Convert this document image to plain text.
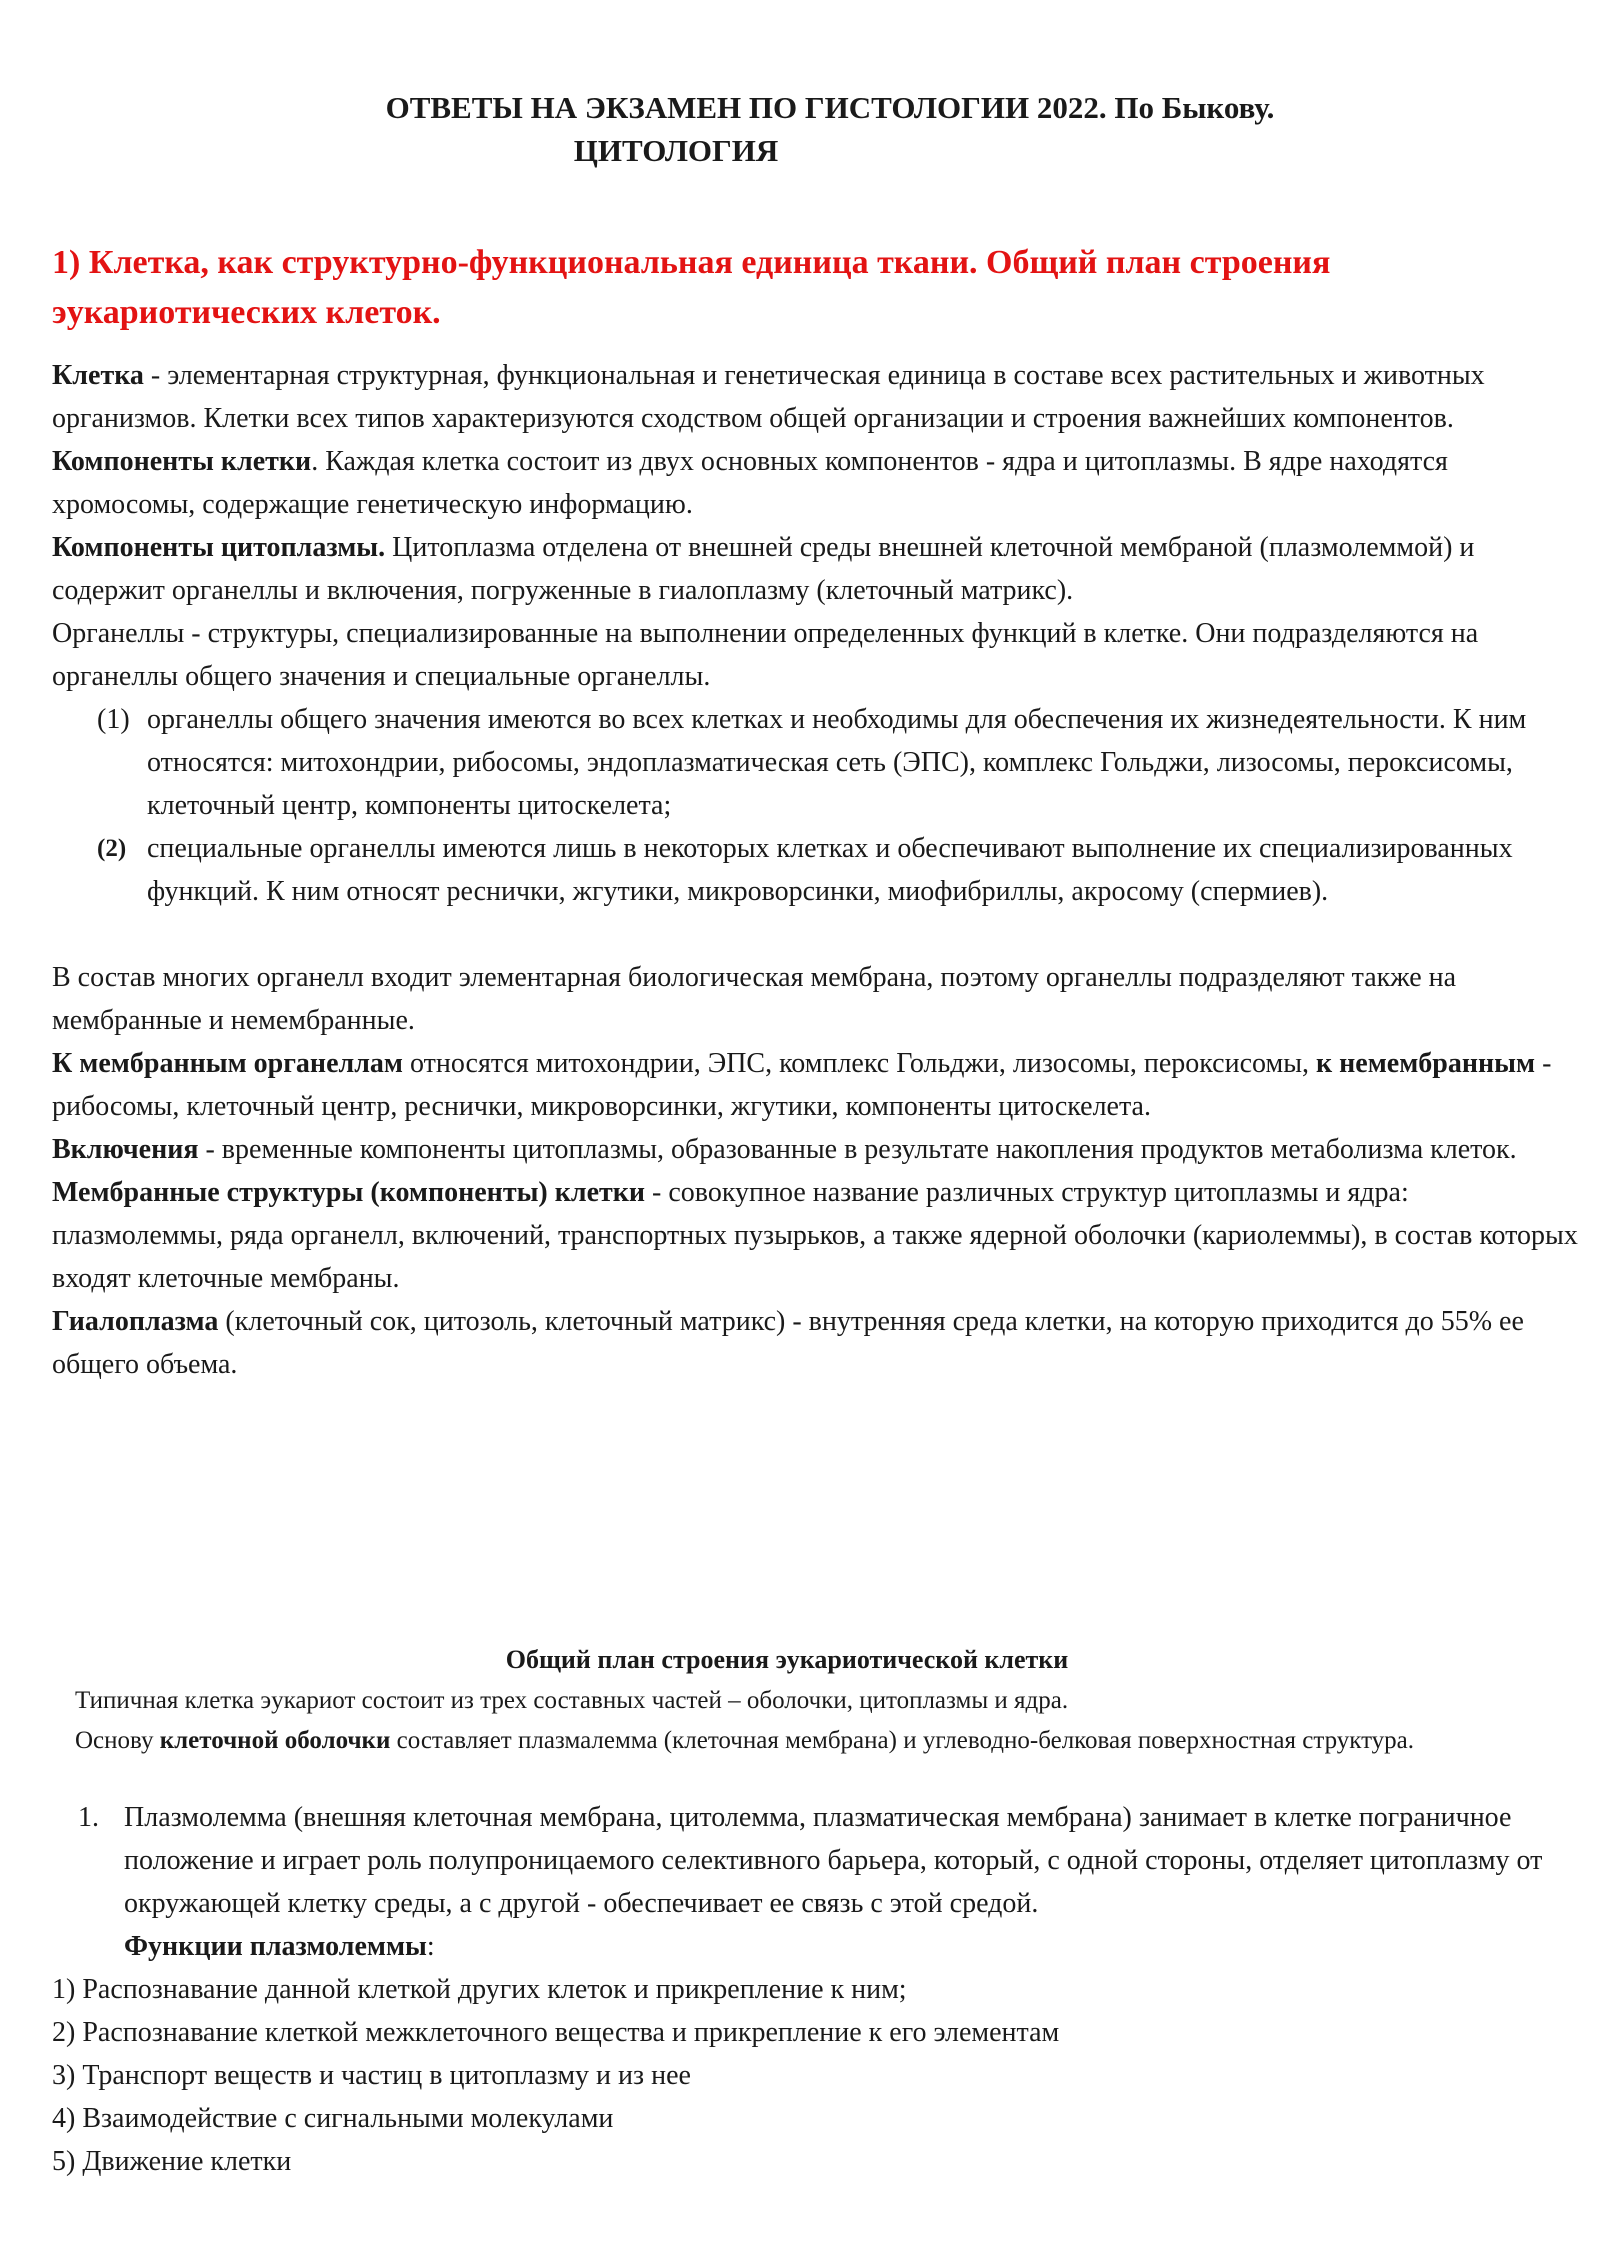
ОТВЕТЫ НА ЭКЗАМЕН ПО ГИСТОЛОГИИ 2022. По Быкову.
ЦИТОЛОГИЯ
1) Клетка, как структурно-функциональная единица ткани. Общий план строения эукариотических клеток.

Клетка - элементарная структурная, функциональная и генетическая единица в составе всех растительных и животных организмов. Клетки всех типов характеризуются сходством общей организации и строения важнейших компонентов.

Компоненты клетки. Каждая клетка состоит из двух основных компонентов - ядра и цитоплазмы. В ядре находятся хромосомы, содержащие генетическую информацию.

Компоненты цитоплазмы. Цитоплазма отделена от внешней среды внешней клеточной мембраной (плазмолеммой) и содержит органеллы и включения, погруженные в гиалоплазму (клеточный матрикс).

Органеллы - структуры, специализированные на выполнении определенных функций в клетке. Они подразделяются на органеллы общего значения и специальные органеллы.

(1) органеллы общего значения имеются во всех клетках и необходимы для обеспечения их жизнедеятельности. К ним относятся: митохондрии, рибосомы, эндоплазматическая сеть (ЭПС), комплекс Гольджи, лизосомы, пероксисомы, клеточный центр, компоненты цитоскелета;
(2) специальные органеллы имеются лишь в некоторых клетках и обеспечивают выполнение их специализированных функций. К ним относят реснички, жгутики, микроворсинки, миофибриллы, акросому (спермиев).

В состав многих органелл входит элементарная биологическая мембрана, поэтому органеллы подразделяют также на мембранные и немембранные.

К мембранным органеллам относятся митохондрии, ЭПС, комплекс Гольджи, лизосомы, пероксисомы, к немембранным - рибосомы, клеточный центр, реснички, микроворсинки, жгутики, компоненты цитоскелета.

Включения - временные компоненты цитоплазмы, образованные в результате накопления продуктов метаболизма клеток.

Мембранные структуры (компоненты) клетки - совокупное название различных структур цитоплазмы и ядра: плазмолеммы, ряда органелл, включений, транспортных пузырьков, а также ядерной оболочки (кариолеммы), в состав которых входят клеточные мембраны.

Гиалоплазма (клеточный сок, цитозоль, клеточный матрикс) - внутренняя среда клетки, на которую приходится до 55% ее общего объема.

Общий план строения эукариотической клетки

Типичная клетка эукариот состоит из трех составных частей – оболочки, цитоплазмы и ядра.

Основу клеточной оболочки составляет плазмалемма (клеточная мембрана) и углеводно-белковая поверхностная структура.

1. Плазмолемма (внешняя клеточная мембрана, цитолемма, плазматическая мембрана) занимает в клетке пограничное положение и играет роль полупроницаемого селективного барьера, который, с одной стороны, отделяет цитоплазму от окружающей клетку среды, а с другой - обеспечивает ее связь с этой средой.

Функции плазмолеммы:

1) Распознавание данной клеткой других клеток и прикрепление к ним;

2) Распознавание клеткой межклеточного вещества и прикрепление к его элементам

3) Транспорт веществ и частиц в цитоплазму и из нее

4) Взаимодействие с сигнальными молекулами

5) Движение клетки
